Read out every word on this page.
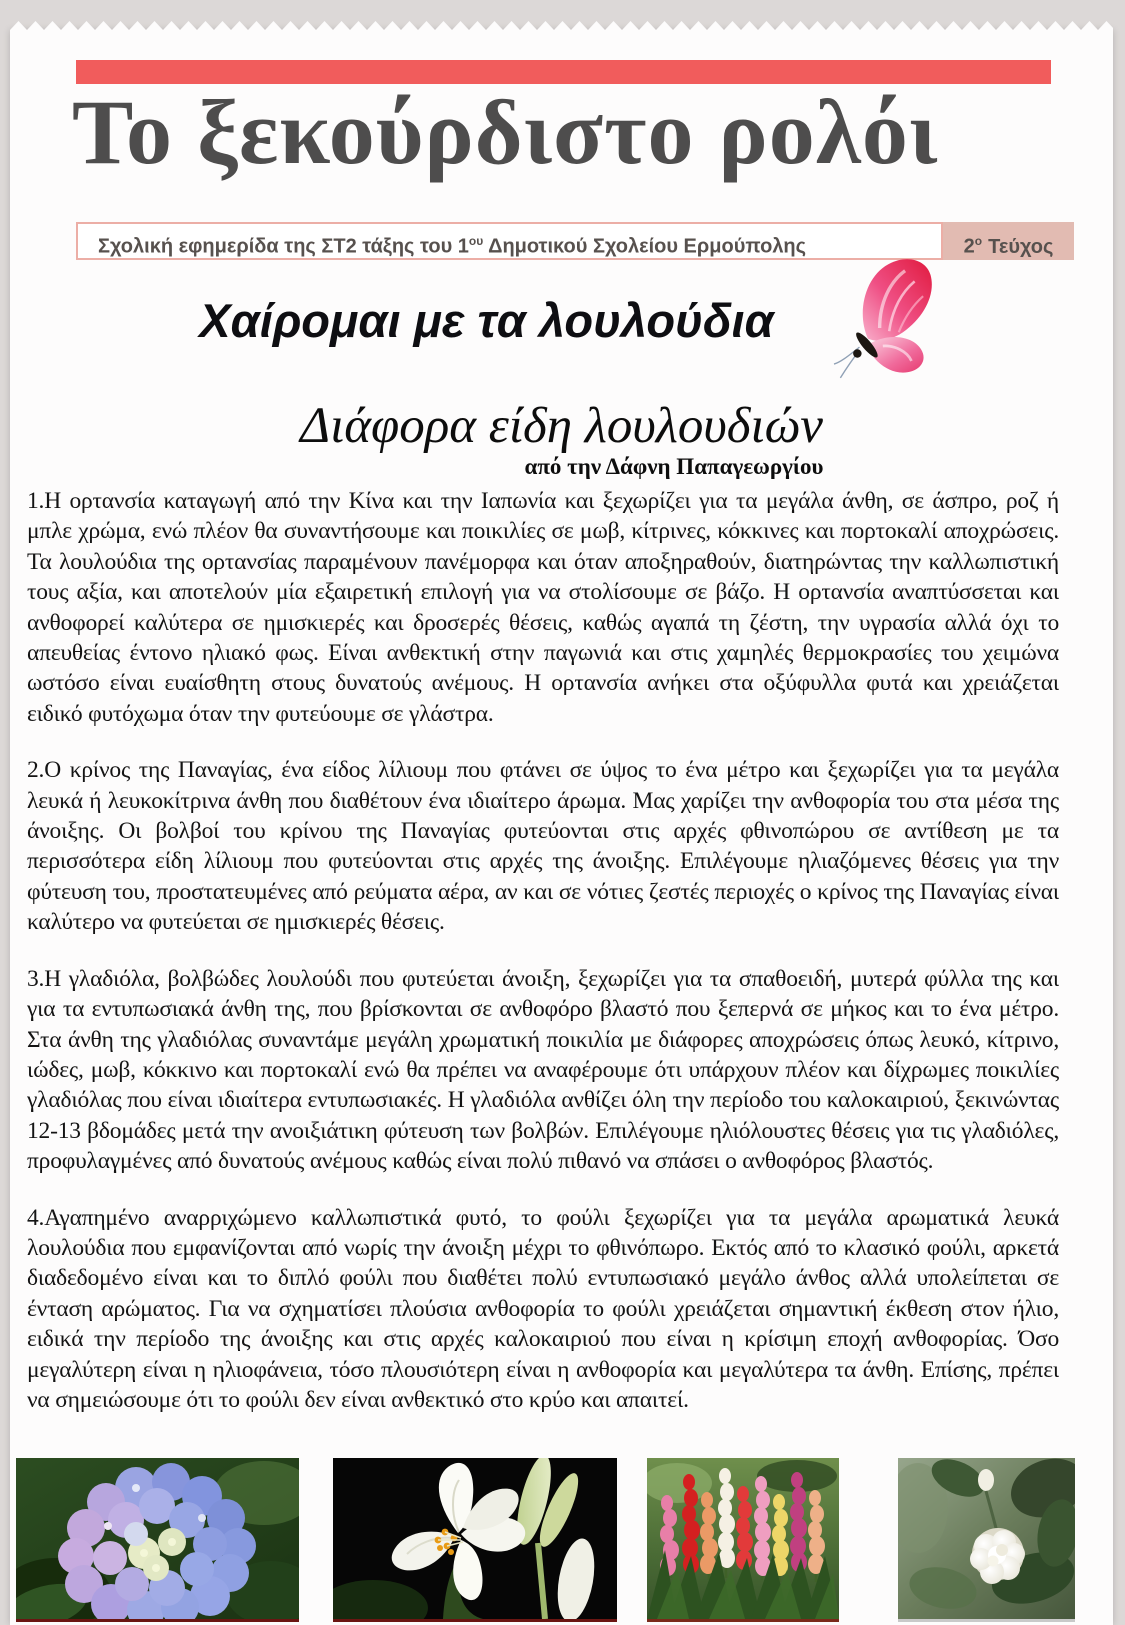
Το ξεκούρδιστο ρολόι
Σχολική εφημερίδα της ΣΤ2 τάξης του $1^{o\upsilon}$ Δημοτικού Σχολείου Ερμούπολης	$2^o$ Τεύχος
Χαίρομαι με τα λουλούδια
Διάφορα είδη λουλουδιών
από την Δάφνη Παπαγεωργίου

1.Η ορτανσία καταγωγή από την Κίνα και την Ιαπωνία και ξεχωρίζει για τα μεγάλα άνθη, σε άσπρο, ροζ ή μπλε χρώμα, ενώ πλέον θα συναντήσουμε και ποικιλίες σε μωβ, κίτρινες, κόκκινες και πορτοκαλί αποχρώσεις. Τα λουλούδια της ορτανσίας παραμένουν πανέμορφα και όταν αποξηραθούν, διατηρώντας την καλλωπιστική τους αξία, και αποτελούν μία εξαιρετική επιλογή για να στολίσουμε σε βάζο. Η ορτανσία αναπτύσσεται και ανθοφορεί καλύτερα σε ημισκιερές και δροσερές θέσεις, καθώς αγαπά τη ζέστη, την υγρασία αλλά όχι το απευθείας έντονο ηλιακό φως. Είναι ανθεκτική στην παγωνιά και στις χαμηλές θερμοκρασίες του χειμώνα ωστόσο είναι ευαίσθητη στους δυνατούς ανέμους. Η ορτανσία ανήκει στα οξύφυλλα φυτά και χρειάζεται ειδικό φυτόχωμα όταν την φυτεύουμε σε γλάστρα.

2.Ο κρίνος της Παναγίας, ένα είδος λίλιουμ που φτάνει σε ύψος το ένα μέτρο και ξεχωρίζει για τα μεγάλα λευκά ή λευκοκίτρινα άνθη που διαθέτουν ένα ιδιαίτερο άρωμα. Μας χαρίζει την ανθοφορία του στα μέσα της άνοιξης. Οι βολβοί του κρίνου της Παναγίας φυτεύονται στις αρχές φθινοπώρου σε αντίθεση με τα περισσότερα είδη λίλιουμ που φυτεύονται στις αρχές της άνοιξης. Επιλέγουμε ηλιαζόμενες θέσεις για την φύτευση του, προστατευμένες από ρεύματα αέρα, αν και σε νότιες ζεστές περιοχές ο κρίνος της Παναγίας είναι καλύτερο να φυτεύεται σε ημισκιερές θέσεις.

3.Η γλαδιόλα, βολβώδες λουλούδι που φυτεύεται άνοιξη, ξεχωρίζει για τα σπαθοειδή, μυτερά φύλλα της και για τα εντυπωσιακά άνθη της, που βρίσκονται σε ανθοφόρο βλαστό που ξεπερνά σε μήκος και το ένα μέτρο. Στα άνθη της γλαδιόλας συναντάμε μεγάλη χρωματική ποικιλία με διάφορες αποχρώσεις όπως λευκό, κίτρινο, ιώδες, μωβ, κόκκινο και πορτοκαλί ενώ θα πρέπει να αναφέρουμε ότι υπάρχουν πλέον και δίχρωμες ποικιλίες γλαδιόλας που είναι ιδιαίτερα εντυπωσιακές. Η γλαδιόλα ανθίζει όλη την περίοδο του καλοκαιριού, ξεκινώντας 12-13 βδομάδες μετά την ανοιξιάτικη φύτευση των βολβών. Επιλέγουμε ηλιόλουστες θέσεις για τις γλαδιόλες, προφυλαγμένες από δυνατούς ανέμους καθώς είναι πολύ πιθανό να σπάσει ο ανθοφόρος βλαστός.

4.Αγαπημένο αναρριχώμενο καλλωπιστικά φυτό, το φούλι ξεχωρίζει για τα μεγάλα αρωματικά λευκά λουλούδια που εμφανίζονται από νωρίς την άνοιξη μέχρι το φθινόπωρο. Εκτός από το κλασικό φούλι, αρκετά διαδεδομένο είναι και το διπλό φούλι που διαθέτει πολύ εντυπωσιακό μεγάλο άνθος αλλά υπολείπεται σε ένταση αρώματος. Για να σχηματίσει πλούσια ανθοφορία το φούλι χρειάζεται σημαντική έκθεση στον ήλιο, ειδικά την περίοδο της άνοιξης και στις αρχές καλοκαιριού που είναι η κρίσιμη εποχή ανθοφορίας. Όσο μεγαλύτερη είναι η ηλιοφάνεια, τόσο πλουσιότερη είναι η ανθοφορία και μεγαλύτερα τα άνθη. Επίσης, πρέπει να σημειώσουμε ότι το φούλι δεν είναι ανθεκτικό στο κρύο και απαιτεί.
